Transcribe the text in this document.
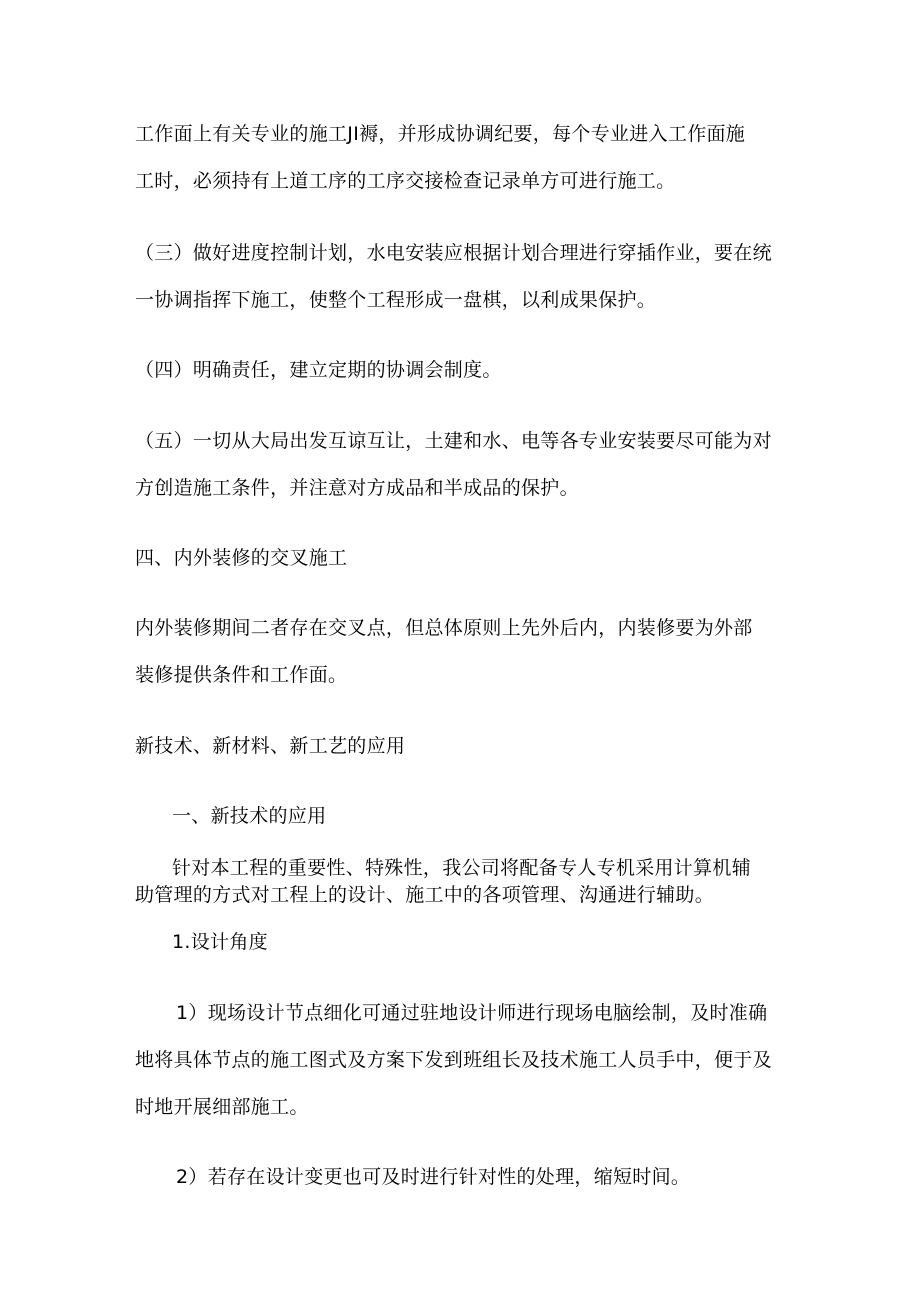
工作面上有关专业的施工JI褥，并形成协调纪要，每个专业进入工作面施
工时，必须持有上道工序的工序交接检查记录单方可进行施工。
（三）做好进度控制计划，水电安装应根据计划合理进行穿插作业，要在统
一协调指挥下施工，使整个工程形成一盘棋，以利成果保护。
（四）明确责任，建立定期的协调会制度。
（五）一切从大局出发互谅互让，土建和水、电等各专业安装要尽可能为对
方创造施工条件，并注意对方成品和半成品的保护。
四、内外装修的交叉施工
内外装修期间二者存在交叉点，但总体原则上先外后内，内装修要为外部
装修提供条件和工作面。
新技术、新材料、新工艺的应用
一、新技术的应用
针对本工程的重要性、特殊性，我公司将配备专人专机采用计算机辅
助管理的方式对工程上的设计、施工中的各项管理、沟通进行辅助。
1.设计角度
1）现场设计节点细化可通过驻地设计师进行现场电脑绘制，及时准确
地将具体节点的施工图式及方案下发到班组长及技术施工人员手中，便于及
时地开展细部施工。
2）若存在设计变更也可及时进行针对性的处理，缩短时间。
